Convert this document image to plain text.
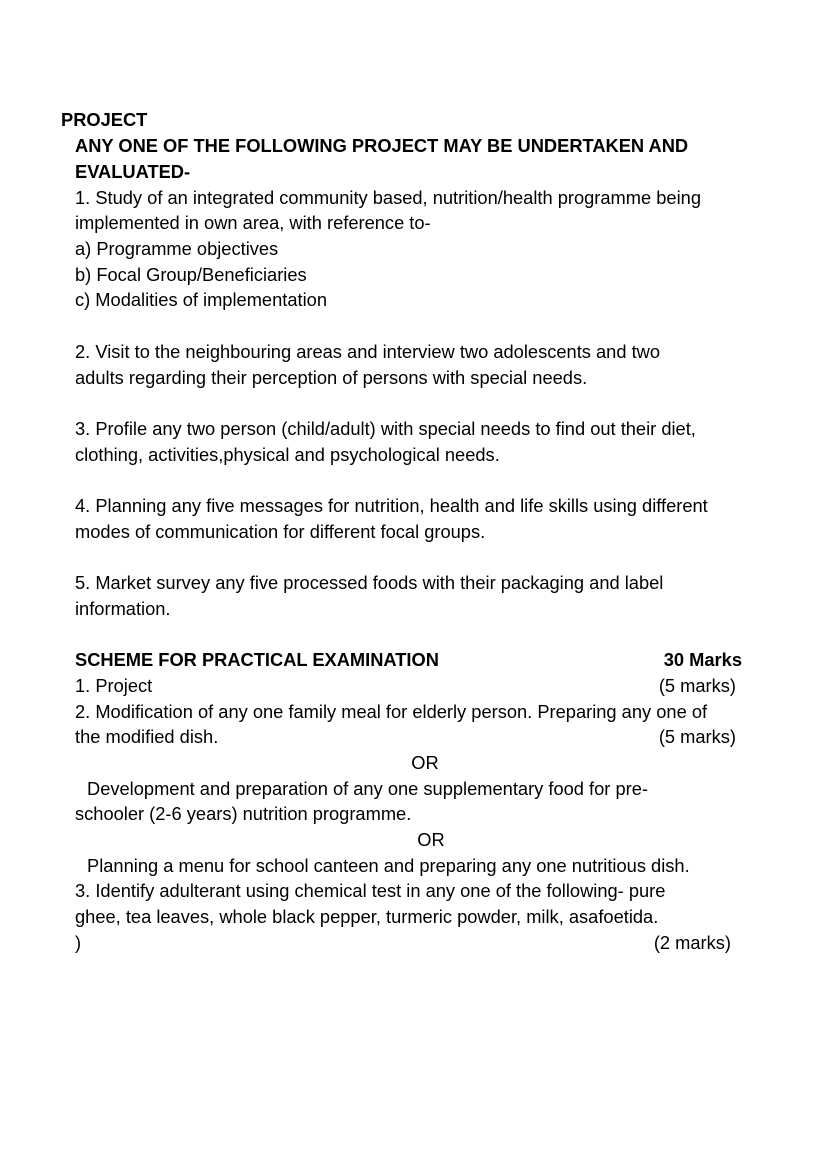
PROJECT
ANY ONE OF THE FOLLOWING PROJECT MAY BE UNDERTAKEN AND
EVALUATED-
1. Study of an integrated community based, nutrition/health programme being
implemented in own area, with reference to-
a) Programme objectives
b) Focal Group/Beneficiaries
c) Modalities of implementation
2. Visit to the neighbouring areas and interview two adolescents and two
adults regarding their perception of persons with special needs.
3. Profile any two person (child/adult) with special needs to find out their diet,
clothing, activities,physical and psychological needs.
4. Planning any five messages for nutrition, health and life skills using different
modes of communication for different focal groups.
5. Market survey any five processed foods with their packaging and label
information.
SCHEME FOR PRACTICAL EXAMINATION	30 Marks
1. Project	(5 marks)
2. Modification of any one family meal for elderly person. Preparing any one of
the modified dish.	(5 marks)
OR
Development and preparation of any one supplementary food for pre-
schooler (2-6 years) nutrition programme.
OR
Planning a menu for school canteen and preparing any one nutritious dish.
3. Identify adulterant using chemical test in any one of the following- pure
ghee, tea leaves, whole black pepper, turmeric powder, milk, asafoetida.
)	(2 marks)
